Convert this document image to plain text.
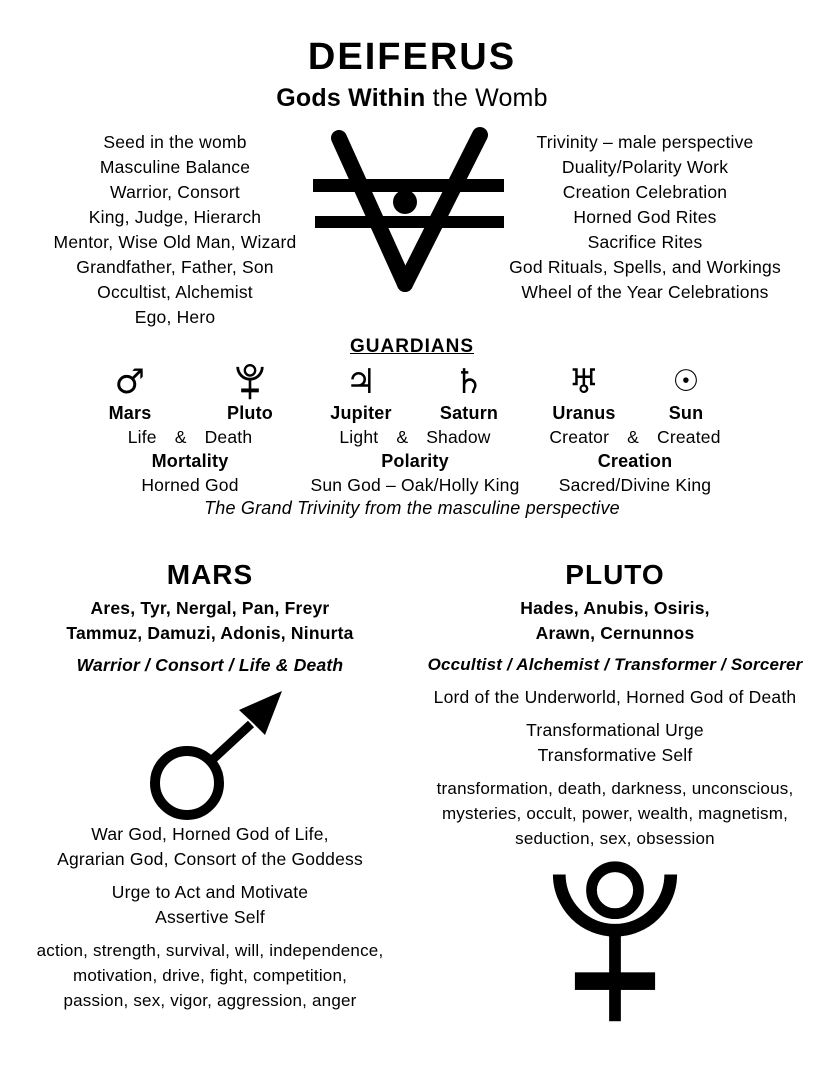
DEIFERUS
Gods Within the Womb
Seed in the womb
Masculine Balance
Warrior, Consort
King, Judge, Hierarch
Mentor, Wise Old Man, Wizard
Grandfather, Father, Son
Occultist, Alchemist
Ego, Hero
Trivinity – male perspective
Duality/Polarity Work
Creation Celebration
Horned God Rites
Sacrifice Rites
God Rituals, Spells, and Workings
Wheel of the Year Celebrations
GUARDIANS
♂
Mars	Pluto
Life & Death
Mortality
Horned God
♃
Jupiter
♄
Saturn
Light & Shadow
Polarity
Sun God – Oak/Holly King
♅
Uranus
☉
Sun
Creator & Created
Creation
Sacred/Divine King
The Grand Trivinity from the masculine perspective
MARS
Ares, Tyr, Nergal, Pan, Freyr
Tammuz, Damuzi, Adonis, Ninurta
Warrior / Consort / Life & Death
War God, Horned God of Life,
Agrarian God, Consort of the Goddess
Urge to Act and Motivate
Assertive Self
action, strength, survival, will, independence,
motivation, drive, fight, competition,
passion, sex, vigor, aggression, anger
PLUTO
Hades, Anubis, Osiris,
Arawn, Cernunnos
Occultist / Alchemist / Transformer / Sorcerer
Lord of the Underworld, Horned God of Death
Transformational Urge
Transformative Self
transformation, death, darkness, unconscious,
mysteries, occult, power, wealth, magnetism,
seduction, sex, obsession
